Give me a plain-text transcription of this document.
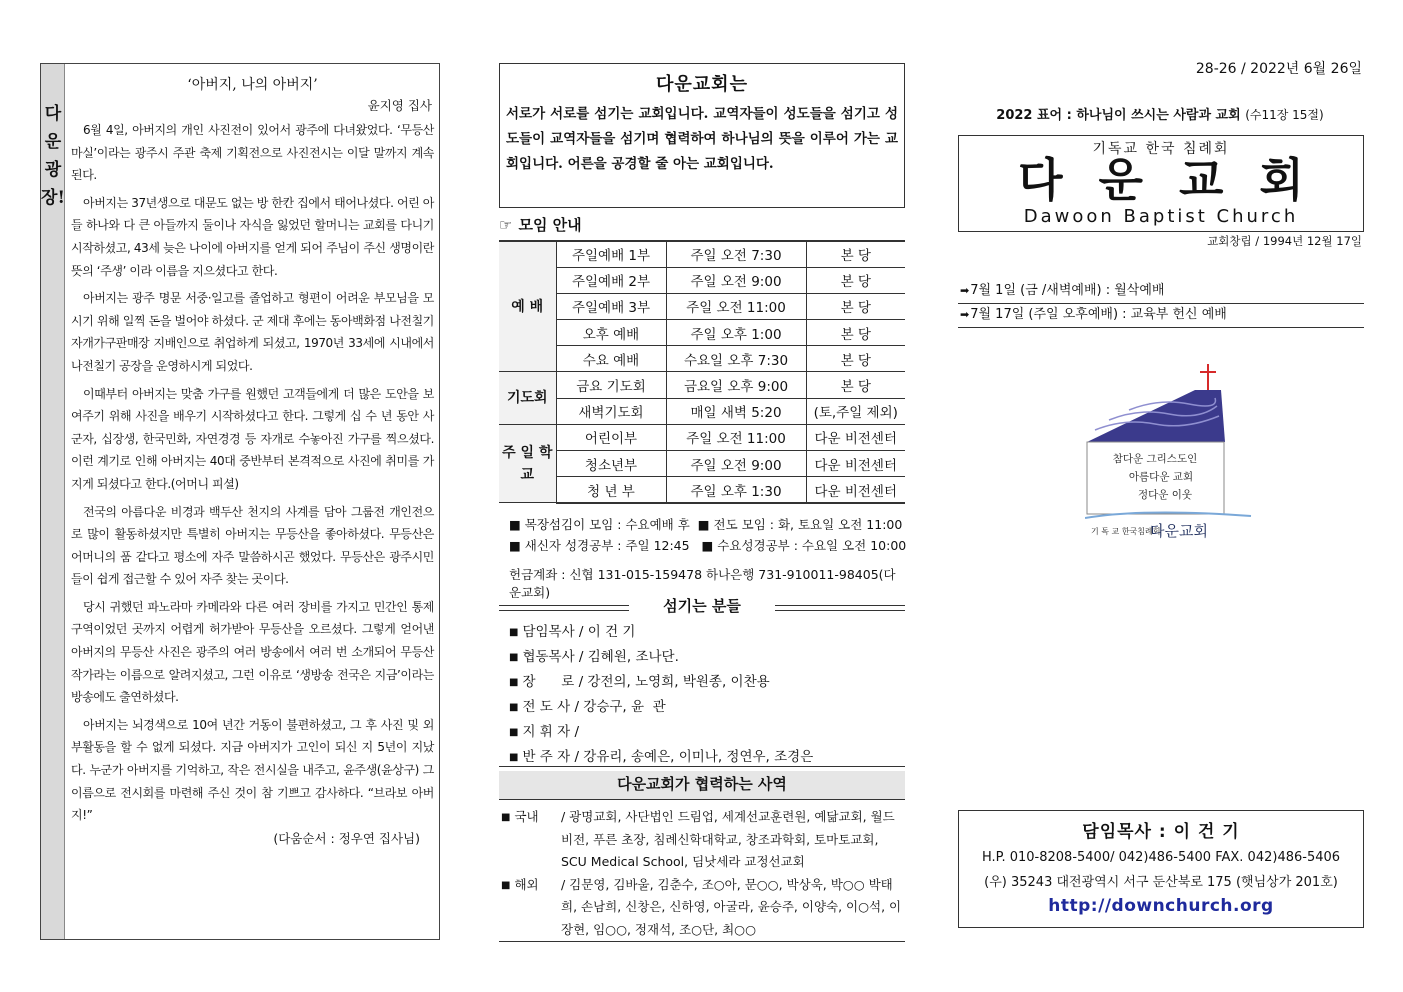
다운광장!
‘아버지, 나의 아버지’
윤지영 집사

6월 4일, 아버지의 개인 사진전이 있어서 광주에 다녀왔었다. ‘무등산 마실’이라는 광주시 주관 축제 기획전으로 사진전시는 이달 말까지 계속된다.

아버지는 37년생으로 대문도 없는 방 한칸 집에서 태어나셨다. 어린 아들 하나와 다 큰 아들까지 둘이나 자식을 잃었던 할머니는 교회를 다니기 시작하셨고, 43세 늦은 나이에 아버지를 얻게 되어 주님이 주신 생명이란 뜻의 ‘주생’ 이라 이름을 지으셨다고 한다.

아버지는 광주 명문 서중·일고를 졸업하고 형편이 어려운 부모님을 모시기 위해 일찍 돈을 벌어야 하셨다. 군 제대 후에는 동아백화점 나전칠기 자개가구판매장 지배인으로 취업하게 되셨고, 1970년 33세에 시내에서 나전칠기 공장을 운영하시게 되었다.

이때부터 아버지는 맞춤 가구를 원했던 고객들에게 더 많은 도안을 보여주기 위해 사진을 배우기 시작하셨다고 한다. 그렇게 십 수 년 동안 사군자, 십장생, 한국민화, 자연경경 등 자개로 수놓아진 가구를 찍으셨다. 이런 계기로 인해 아버지는 40대 중반부터 본격적으로 사진에 취미를 가지게 되셨다고 한다.(어머니 피셜)

전국의 아름다운 비경과 백두산 천지의 사계를 담아 그룹전 개인전으로 많이 활동하셨지만 특별히 아버지는 무등산을 좋아하셨다. 무등산은 어머니의 품 같다고 평소에 자주 말씀하시곤 했었다. 무등산은 광주시민들이 쉽게 접근할 수 있어 자주 찾는 곳이다.

당시 귀했던 파노라마 카메라와 다른 여러 장비를 가지고 민간인 통제구역이었던 곳까지 어렵게 허가받아 무등산을 오르셨다. 그렇게 얻어낸 아버지의 무등산 사진은 광주의 여러 방송에서 여러 번 소개되어 무등산 작가라는 이름으로 알려지셨고, 그런 이유로 ‘생방송 전국은 지금’이라는 방송에도 출연하셨다.

아버지는 뇌경색으로 10여 년간 거동이 불편하셨고, 그 후 사진 및 외부활동을 할 수 없게 되셨다. 지금 아버지가 고인이 되신 지 5년이 지났다. 누군가 아버지를 기억하고, 작은 전시실을 내주고, 윤주생(윤상구) 그 이름으로 전시회를 마련해 주신 것이 참 기쁘고 감사하다. “브라보 아버지!”

(다움순서 : 정우연 집사님)
다운교회는
서로가 서로를 섬기는 교회입니다. 교역자들이 성도들을 섬기고 성도들이 교역자들을 섬기며 협력하여 하나님의 뜻을 이루어 가는 교회입니다. 어른을 공경할 줄 아는 교회입니다.
☞ 모임 안내
예 배	주일예배 1부	주일 오전 7:30	본 당
	주일예배 2부	주일 오전 9:00	본 당
	주일예배 3부	주일 오전 11:00	본 당
	오후 예배	주일 오후 1:00	본 당
	수요 예배	수요일 오후 7:30	본 당
기도회	금요 기도회	금요일 오후 9:00	본 당
	새벽기도회	매일 새벽 5:20	(토,주일 제외)
주 일 학 교	어린이부	주일 오전 11:00	다운 비전센터
	청소년부	주일 오전 9:00	다운 비전센터
	청 년 부	주일 오후 1:30	다운 비전센터
■ 목장섬김이 모임 : 수요예배 후  ■ 전도 모임 : 화, 토요일 오전 11:00
■ 새신자 성경공부 : 주일 12:45   ■ 수요성경공부 : 수요일 오전 10:00
헌금계좌 : 신협 131-015-159478 하나은행 731-910011-98405(다운교회)
섬기는 분들
■ 담임목사 / 이 건 기
■ 협동목사 / 김혜원, 조나단.
■ 장      로 / 강전의, 노영희, 박원종, 이찬용
■ 전 도 사 / 강승구, 윤  관
■ 지 휘 자 /
■ 반 주 자 / 강유리, 송예은, 이미나, 정연우, 조경은
다운교회가 협력하는 사역
■ 국내	/ 광명교회, 사단법인 드림업, 세계선교훈련원, 예닮교회, 월드비전, 푸른 초장, 침례신학대학교, 창조과학회, 토마토교회, SCU Medical School, 딤낫세라 교정선교회
■ 해외	/ 김문영, 김바울, 김춘수, 조○아, 문○○, 박상욱, 박○○ 박태희, 손남희, 신창은, 신하영, 아굴라, 윤승주, 이양숙, 이○석, 이장현, 임○○, 정재석, 조○단, 최○○
28-26 / 2022년 6월 26일
2022 표어 : 하나님이 쓰시는 사람과 교회 (수11장 15절)
기독교 한국 침례회
다운교회
Dawoon Baptist Church
교회창립 / 1994년 12월 17일
➡7월 1일 (금 /새벽예배) : 월삭예배
➡7월 17일 (주일 오후예배) : 교육부 헌신 예배
참다운 그리스도인
아름다운 교회
정다운 이웃
기 독 교 한국침례회
다운교회
담임목사 : 이 건 기
H.P. 010-8208-5400/ 042)486-5400 FAX. 042)486-5406
(우) 35243 대전광역시 서구 둔산북로 175 (햇님상가 201호)
http://downchurch.org
